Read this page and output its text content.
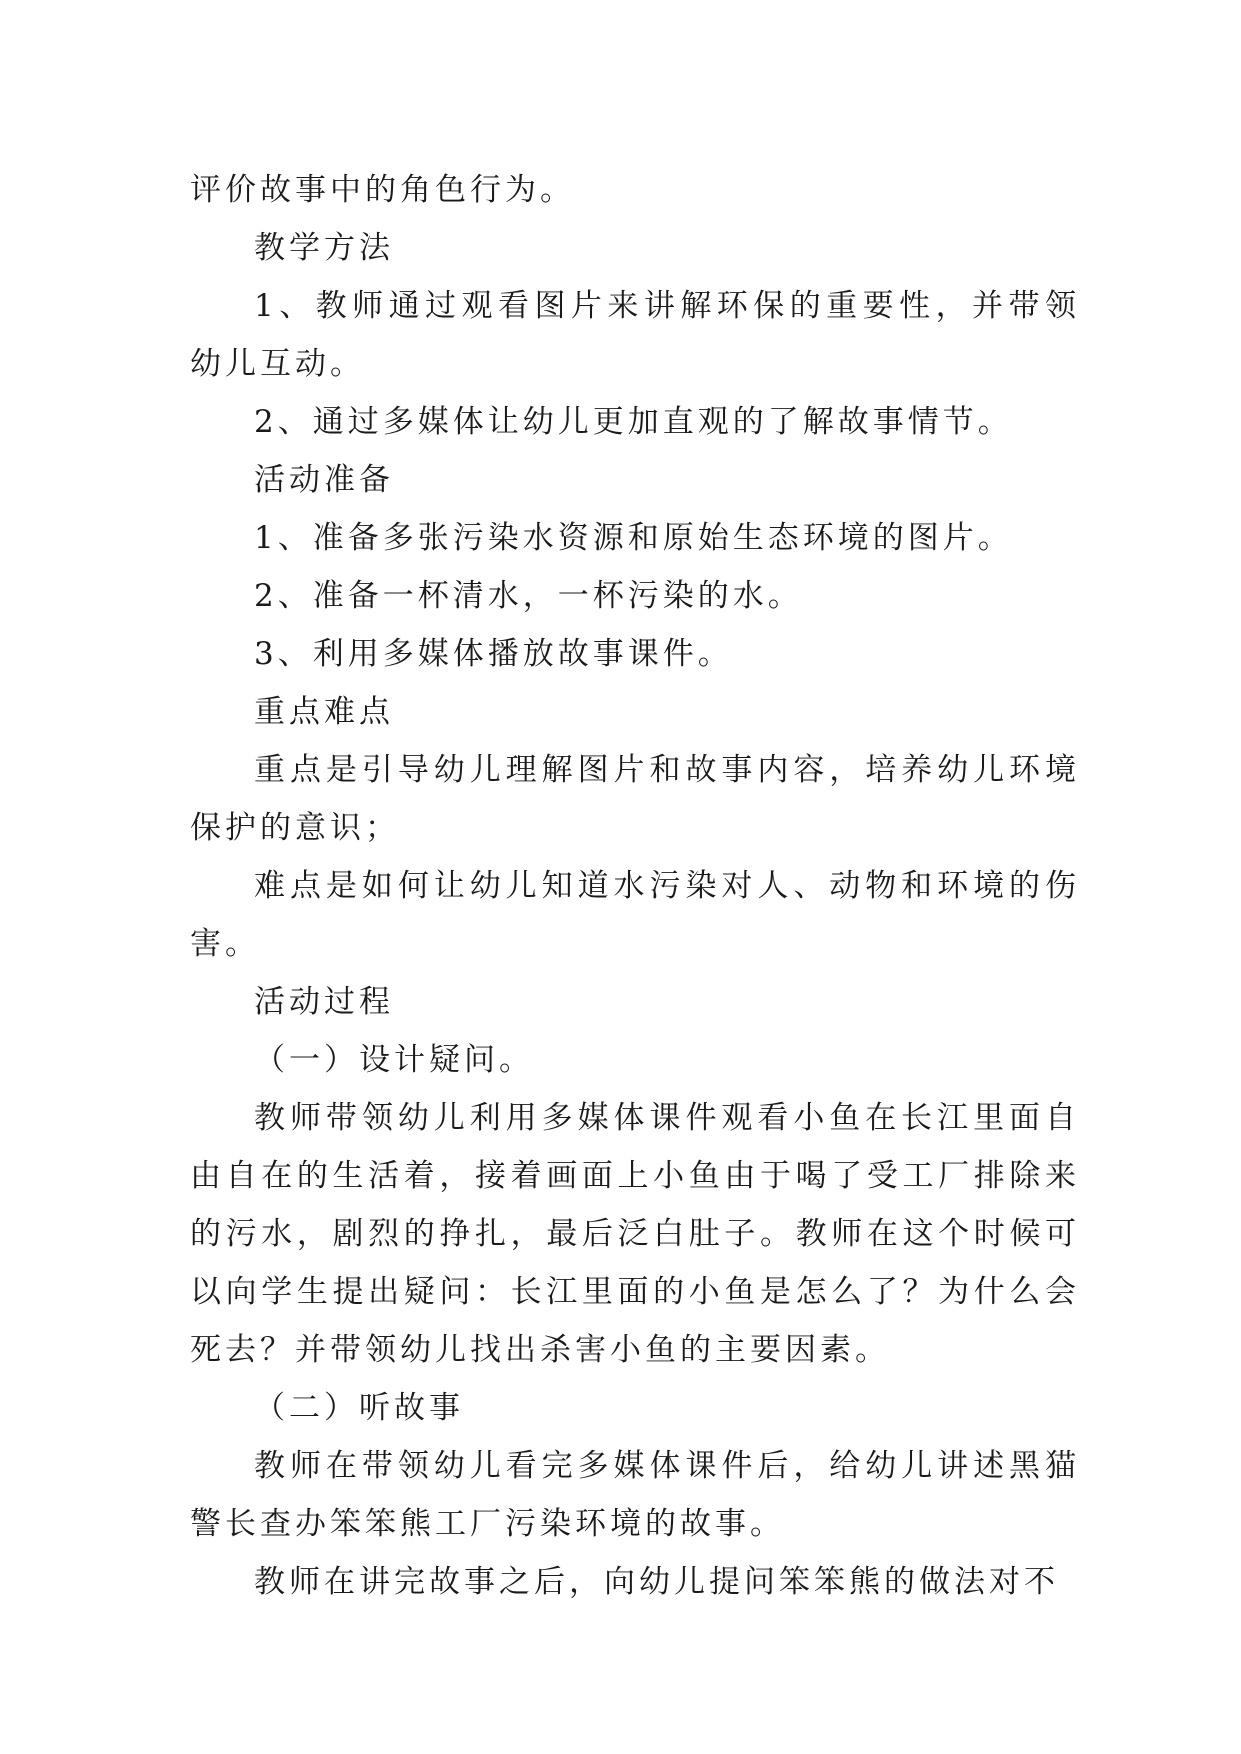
评价故事中的角色行为。

教学方法

1、教师通过观看图片来讲解环保的重要性，并带领幼儿互动。

2、通过多媒体让幼儿更加直观的了解故事情节。

活动准备

1、准备多张污染水资源和原始生态环境的图片。

2、准备一杯清水，一杯污染的水。

3、利用多媒体播放故事课件。

重点难点

重点是引导幼儿理解图片和故事内容，培养幼儿环境保护的意识；

难点是如何让幼儿知道水污染对人、动物和环境的伤害。

活动过程

（一）设计疑问。

教师带领幼儿利用多媒体课件观看小鱼在长江里面自由自在的生活着，接着画面上小鱼由于喝了受工厂排除来的污水，剧烈的挣扎，最后泛白肚子。教师在这个时候可以向学生提出疑问：长江里面的小鱼是怎么了？为什么会死去？并带领幼儿找出杀害小鱼的主要因素。

（二）听故事

教师在带领幼儿看完多媒体课件后，给幼儿讲述黑猫警长查办笨笨熊工厂污染环境的故事。

教师在讲完故事之后，向幼儿提问笨笨熊的做法对不
